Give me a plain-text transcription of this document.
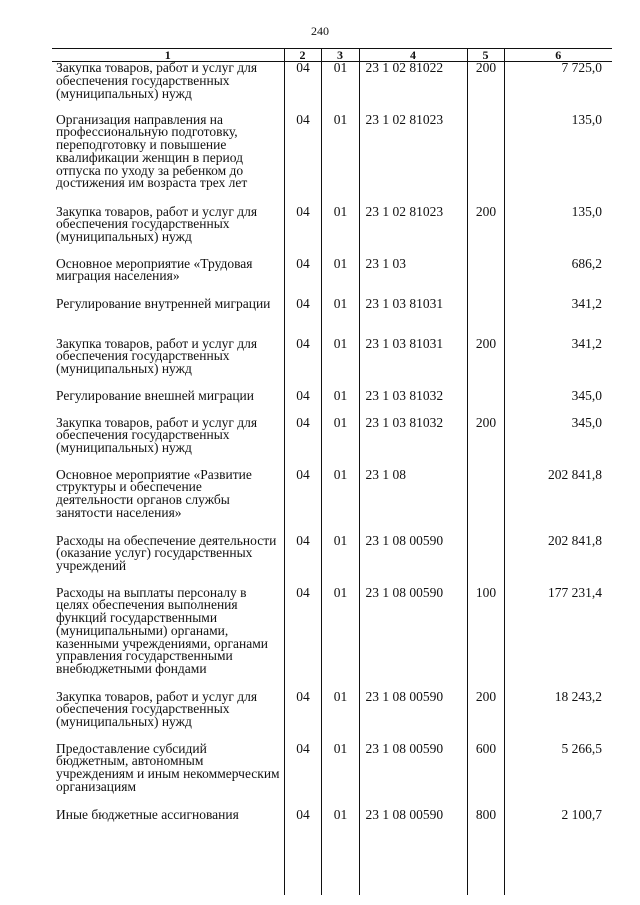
240
1	2	3	4	5	6
Закупка товаров, работ и услуг для обеспечения государственных (муниципальных) нужд	04	01	23 1 02 81022	200	7 725,0
Организация направления на профессиональную подготовку, переподготовку и повышение квалификации женщин в период отпуска по уходу за ребенком до достижения им возраста трех лет	04	01	23 1 02 81023		135,0
Закупка товаров, работ и услуг для обеспечения государственных (муниципальных) нужд	04	01	23 1 02 81023	200	135,0
Основное мероприятие «Трудовая миграция населения»	04	01	23 1 03		686,2
Регулирование внутренней миграции	04	01	23 1 03 81031		341,2
Закупка товаров, работ и услуг для обеспечения государственных (муниципальных) нужд	04	01	23 1 03 81031	200	341,2
Регулирование внешней миграции	04	01	23 1 03 81032		345,0
Закупка товаров, работ и услуг для обеспечения государственных (муниципальных) нужд	04	01	23 1 03 81032	200	345,0
Основное мероприятие «Развитие структуры и обеспечение деятельности органов службы занятости населения»	04	01	23 1 08		202 841,8
Расходы на обеспечение деятельности (оказание услуг) государственных учреждений	04	01	23 1 08 00590		202 841,8
Расходы на выплаты персоналу в целях обеспечения выполнения функций государственными (муниципальными) органами, казенными учреждениями, органами управления государственными внебюджетными фондами	04	01	23 1 08 00590	100	177 231,4
Закупка товаров, работ и услуг для обеспечения государственных (муниципальных) нужд	04	01	23 1 08 00590	200	18 243,2
Предоставление субсидий бюджетным, автономным учреждениям и иным некоммерческим организациям	04	01	23 1 08 00590	600	5 266,5
Иные бюджетные ассигнования	04	01	23 1 08 00590	800	2 100,7
